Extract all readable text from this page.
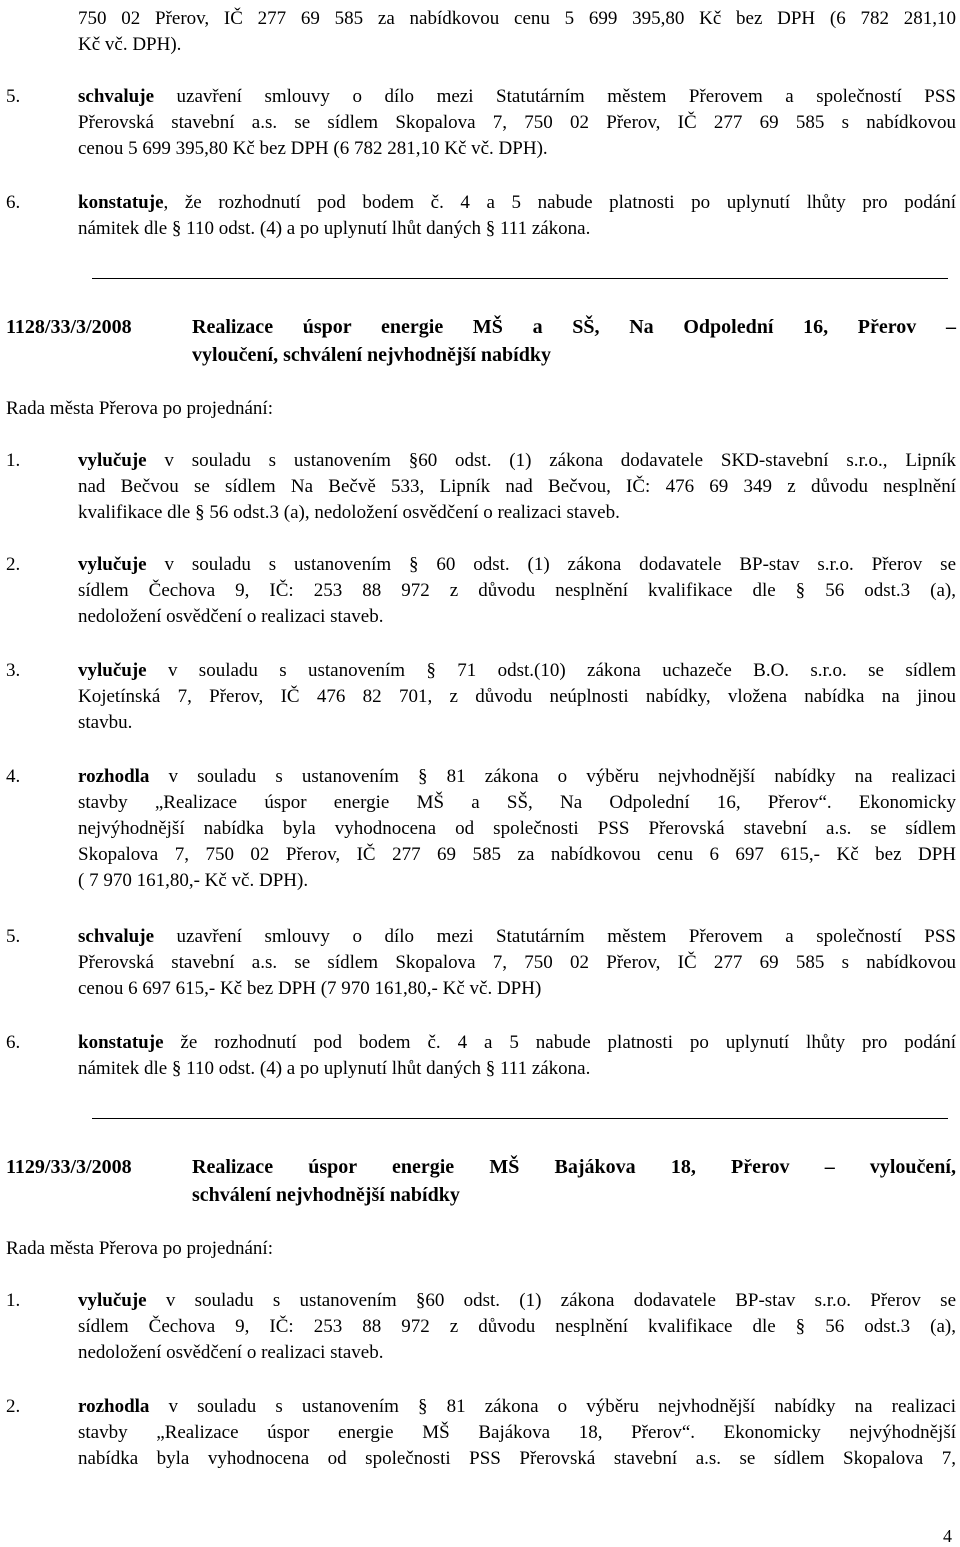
750 02 Přerov, IČ 277 69 585 za nabídkovou cenu 5 699 395,80 Kč bez DPH (6 782 281,10
Kč vč. DPH).
5.	schvaluje uzavření smlouvy o dílo mezi Statutárním městem Přerovem a společností PSS
Přerovská stavební a.s. se sídlem Skopalova 7, 750 02 Přerov, IČ 277 69 585 s nabídkovou
cenou 5 699 395,80 Kč bez DPH (6 782 281,10 Kč vč. DPH).
6.	konstatuje, že rozhodnutí pod bodem č. 4 a 5 nabude platnosti po uplynutí lhůty pro podání
námitek dle § 110 odst. (4) a po uplynutí lhůt daných § 111 zákona.
1128/33/3/2008	Realizace úspor energie MŠ a SŠ, Na Odpolední 16, Přerov –
vyloučení, schválení nejvhodnější nabídky
Rada města Přerova po projednání:
1.	vylučuje v souladu s ustanovením §60 odst. (1) zákona dodavatele SKD-stavební s.r.o., Lipník
nad Bečvou se sídlem Na Bečvě 533, Lipník nad Bečvou, IČ: 476 69 349 z důvodu nesplnění
kvalifikace dle § 56 odst.3 (a), nedoložení osvědčení o realizaci staveb.
2.	vylučuje v souladu s ustanovením § 60 odst. (1) zákona dodavatele BP-stav s.r.o. Přerov se
sídlem Čechova 9, IČ: 253 88 972 z důvodu nesplnění kvalifikace dle § 56 odst.3 (a),
nedoložení osvědčení o realizaci staveb.
3.	vylučuje v souladu s ustanovením § 71 odst.(10) zákona uchazeče B.O. s.r.o. se sídlem
Kojetínská 7, Přerov, IČ 476 82 701, z důvodu neúplnosti nabídky, vložena nabídka na jinou
stavbu.
4.	rozhodla v souladu s ustanovením § 81 zákona o výběru nejvhodnější nabídky na realizaci
stavby „Realizace úspor energie MŠ a SŠ, Na Odpolední 16, Přerov“. Ekonomicky
nejvýhodnější nabídka byla vyhodnocena od společnosti PSS Přerovská stavební a.s. se sídlem
Skopalova 7, 750 02 Přerov, IČ 277 69 585 za nabídkovou cenu 6 697 615,- Kč bez DPH
( 7 970 161,80,- Kč vč. DPH).
5.	schvaluje uzavření smlouvy o dílo mezi Statutárním městem Přerovem a společností PSS
Přerovská stavební a.s. se sídlem Skopalova 7, 750 02 Přerov, IČ 277 69 585 s nabídkovou
cenou 6 697 615,- Kč bez DPH (7 970 161,80,- Kč vč. DPH)
6.	konstatuje že rozhodnutí pod bodem č. 4 a 5 nabude platnosti po uplynutí lhůty pro podání
námitek dle § 110 odst. (4) a po uplynutí lhůt daných § 111 zákona.
1129/33/3/2008	Realizace úspor energie MŠ Bajákova 18, Přerov – vyloučení,
schválení nejvhodnější nabídky
Rada města Přerova po projednání:
1.	vylučuje v souladu s ustanovením §60 odst. (1) zákona dodavatele BP-stav s.r.o. Přerov se
sídlem Čechova 9, IČ: 253 88 972 z důvodu nesplnění kvalifikace dle § 56 odst.3 (a),
nedoložení osvědčení o realizaci staveb.
2.	rozhodla v souladu s ustanovením § 81 zákona o výběru nejvhodnější nabídky na realizaci
stavby „Realizace úspor energie MŠ Bajákova 18, Přerov“. Ekonomicky nejvýhodnější
nabídka byla vyhodnocena od společnosti PSS Přerovská stavební a.s. se sídlem Skopalova 7,
4
